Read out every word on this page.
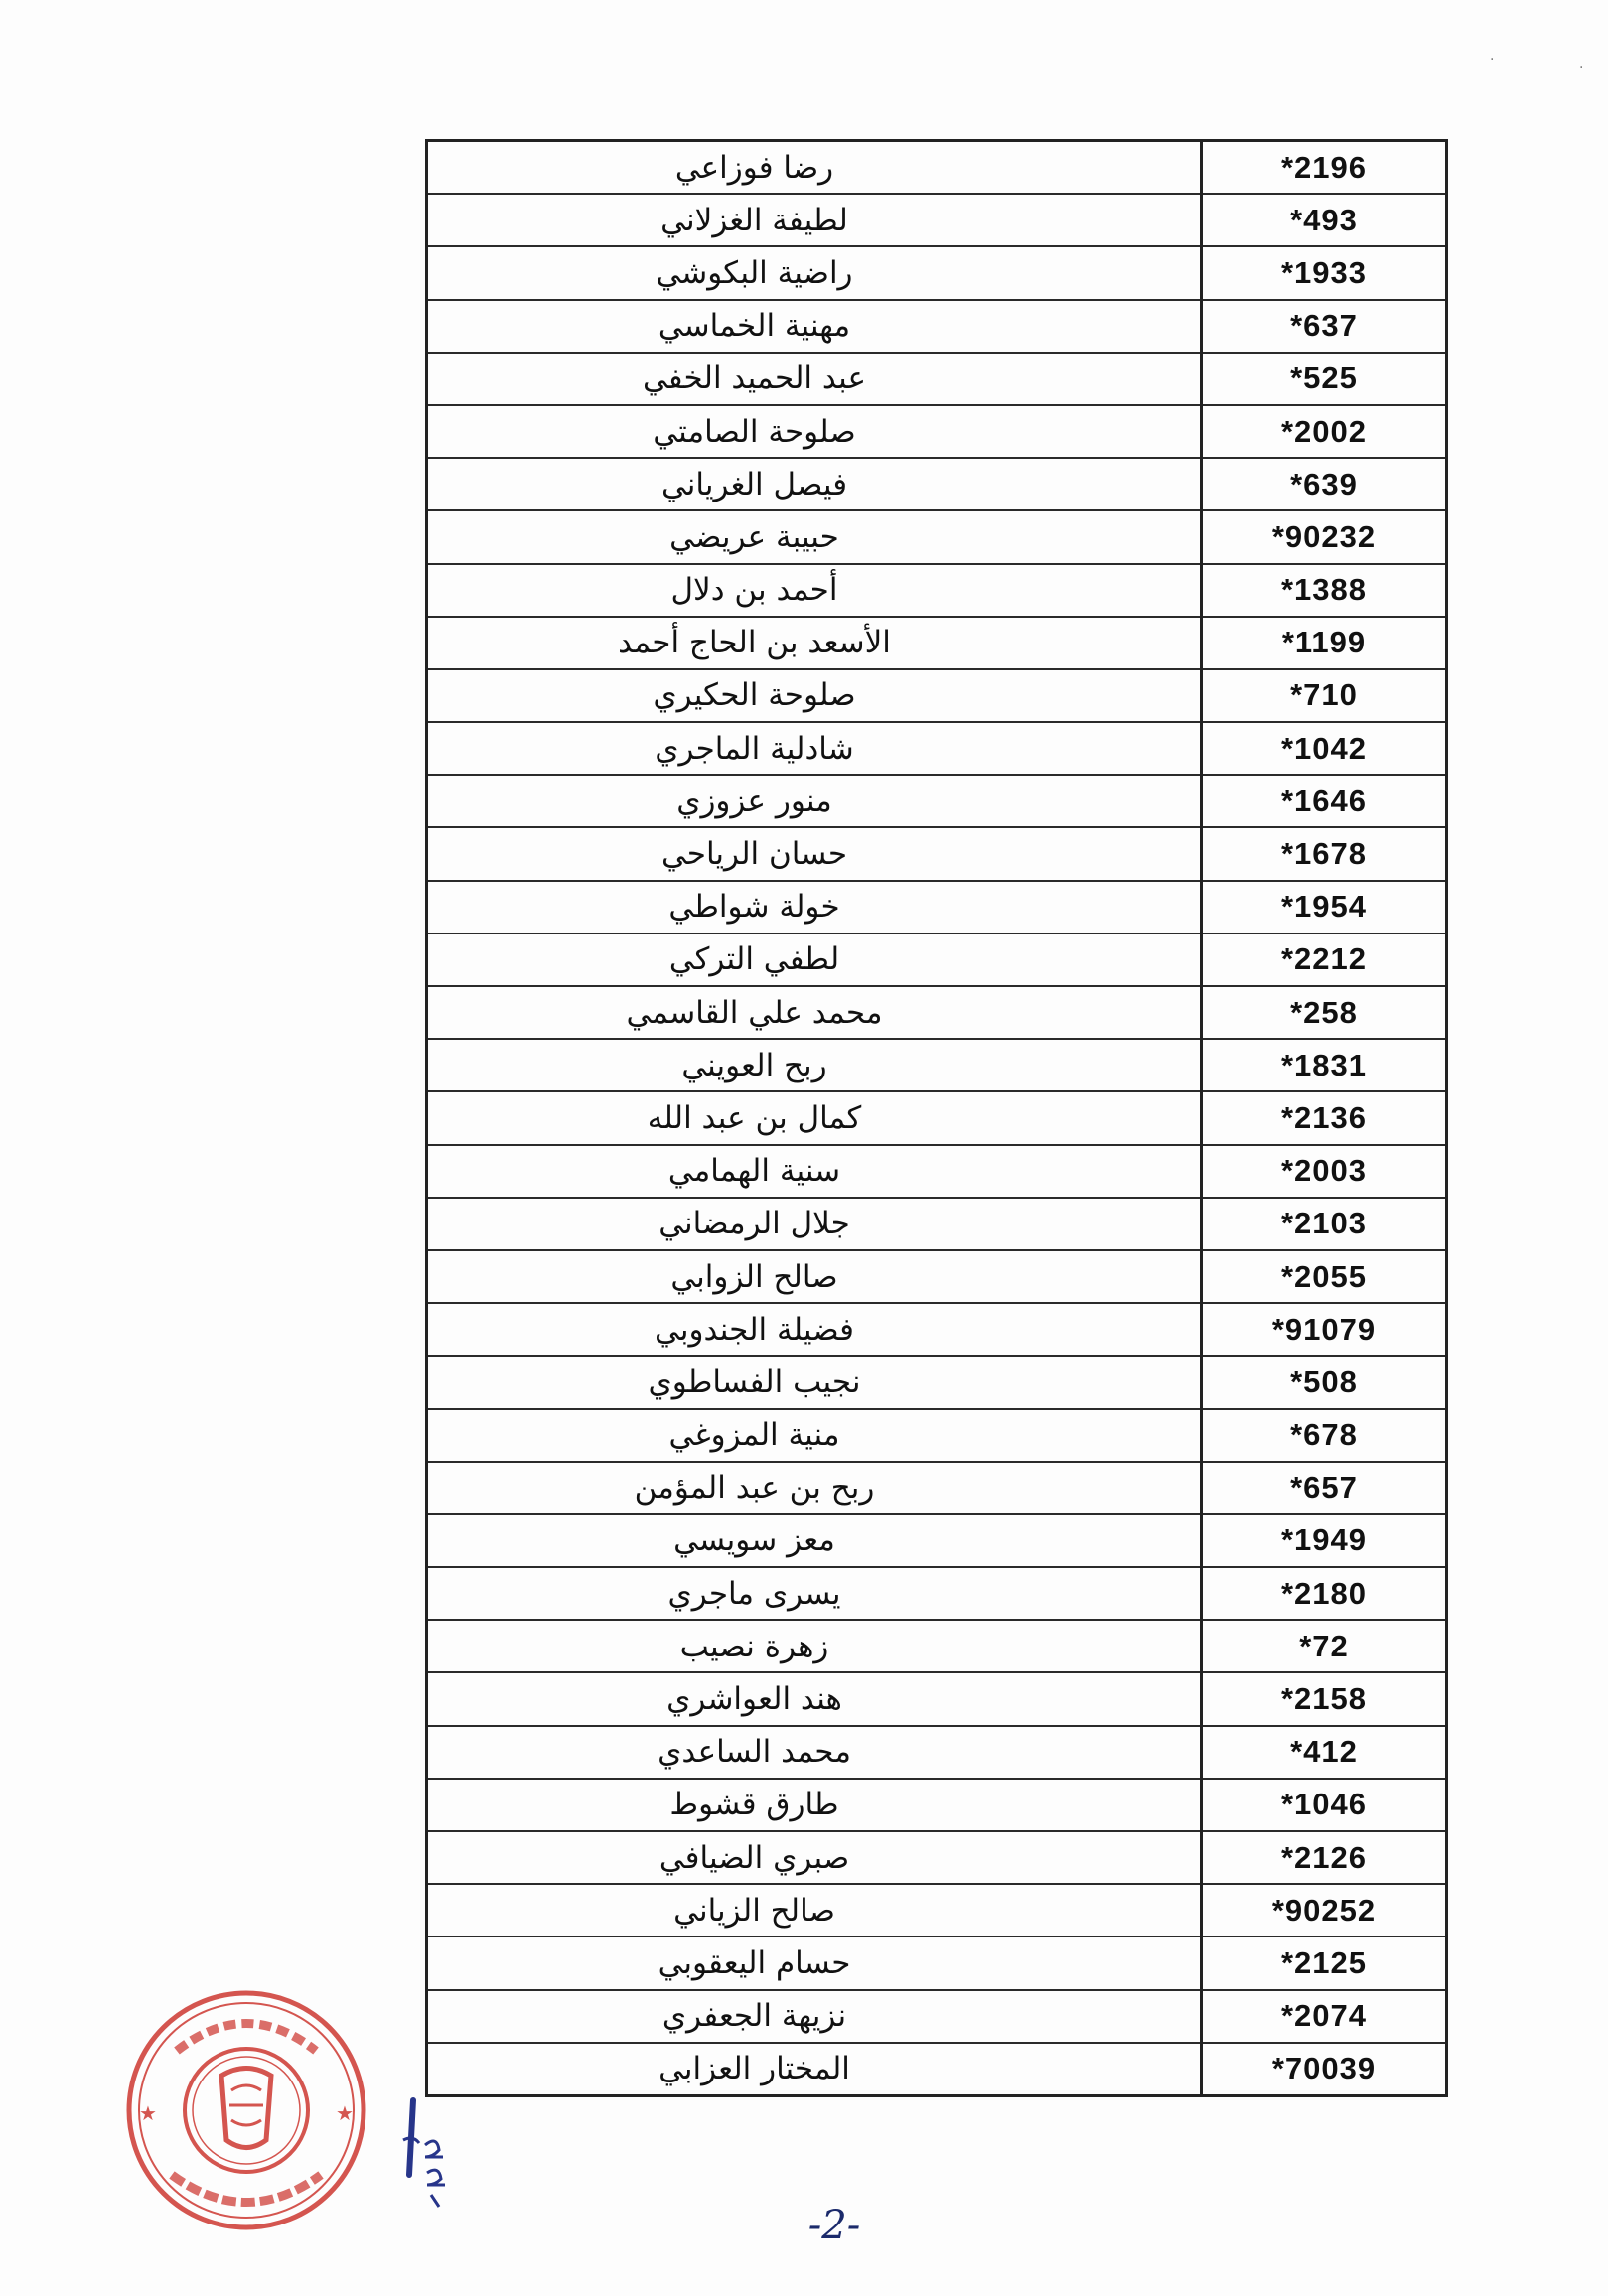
·	·
رضا فوزاعي	*2196
لطيفة الغزلاني	*493
راضية البكوشي	*1933
مهنية الخماسي	*637
عبد الحميد الخفي	*525
صلوحة الصامتي	*2002
فيصل الغرياني	*639
حبيبة عريضي	*90232
أحمد بن دلال	*1388
الأسعد بن الحاج أحمد	*1199
صلوحة الحكيري	*710
شادلية الماجري	*1042
منور عزوزي	*1646
حسان الرياحي	*1678
خولة شواطي	*1954
لطفي التركي	*2212
محمد علي القاسمي	*258
ربح العويني	*1831
كمال بن عبد الله	*2136
سنية الهمامي	*2003
جلال الرمضاني	*2103
صالح الزوابي	*2055
فضيلة الجندوبي	*91079
نجيب الفساطوي	*508
منية المزوغي	*678
ربح بن عبد المؤمن	*657
معز سويسي	*1949
يسرى ماجري	*2180
زهرة نصيب	*72
هند العواشري	*2158
محمد الساعدي	*412
طارق قشوط	*1046
صبري الضيافي	*2126
صالح الزياني	*90252
حسام اليعقوبي	*2125
نزيهة الجعفري	*2074
المختار العزابي	*70039
★	★
-2-
